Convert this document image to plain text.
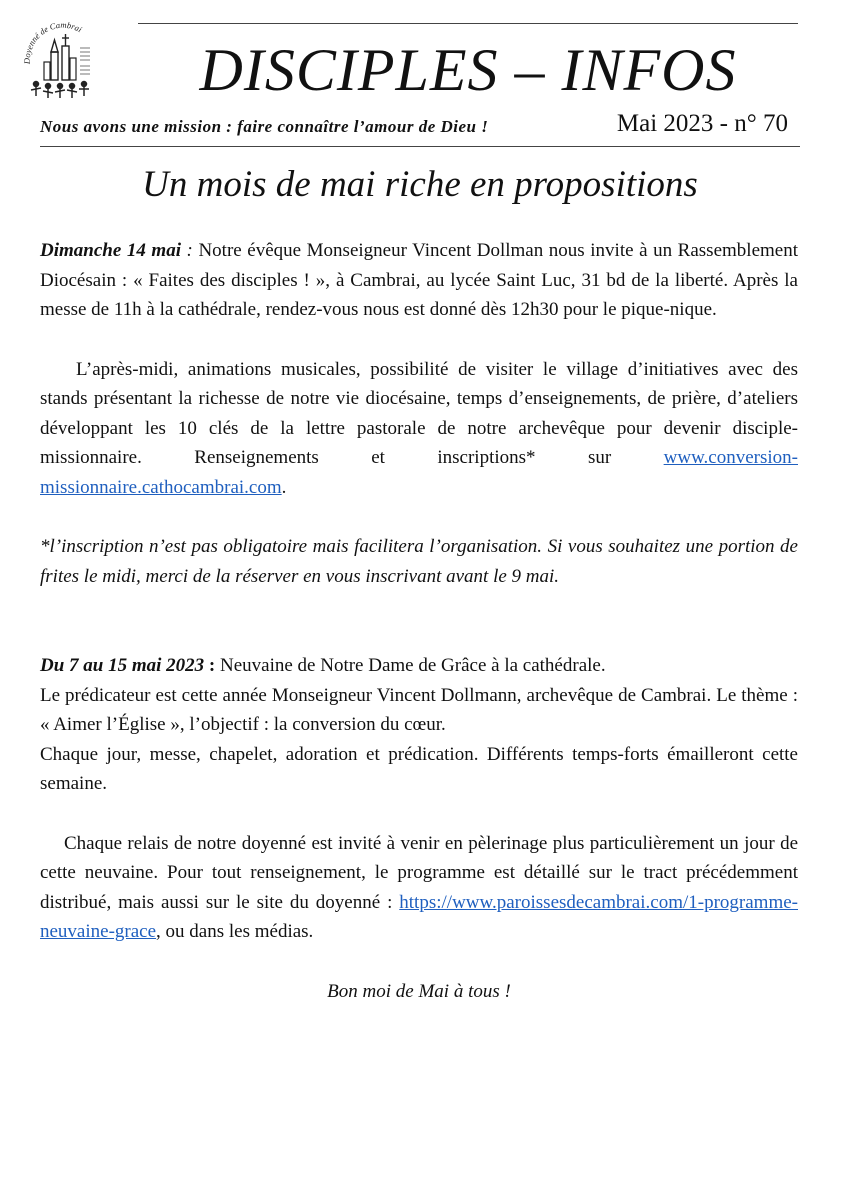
Doyenné de Cambrai
DISCIPLES – INFOS
Nous avons une mission : faire connaître l’amour de Dieu !	Mai 2023 - n° 70
Un mois de mai riche en propositions

Dimanche 14 mai : Notre évêque Monseigneur Vincent Dollman nous invite à un Rassemblement Diocésain : « Faites des disciples ! », à Cambrai, au lycée Saint Luc, 31 bd de la liberté. Après la messe de 11h à la cathédrale, rendez-vous nous est donné dès 12h30 pour le pique-nique.

L’après-midi, animations musicales, possibilité de visiter le village d’initiatives avec des stands présentant la richesse de notre vie diocésaine, temps d’enseignements, de prière, d’ateliers développant les 10 clés de la lettre pastorale de notre archevêque pour devenir disciple-missionnaire. Renseignements et inscriptions* sur www.conversion-missionnaire.cathocambrai.com.

*l’inscription n’est pas obligatoire mais facilitera l’organisation. Si vous souhaitez une portion de frites le midi, merci de la réserver en vous inscrivant avant le 9 mai.

Du 7 au 15 mai 2023 : Neuvaine de Notre Dame de Grâce à la cathédrale.

Le prédicateur est cette année Monseigneur Vincent Dollmann, archevêque de Cambrai. Le thème : « Aimer l’Église », l’objectif : la conversion du cœur.

Chaque jour, messe, chapelet, adoration et prédication. Différents temps-forts émailleront cette semaine.

Chaque relais de notre doyenné est invité à venir en pèlerinage plus particulièrement un jour de cette neuvaine. Pour tout renseignement, le programme est détaillé sur le tract précédemment distribué, mais aussi sur le site du doyenné : https://www.paroissesdecambrai.com/1-programme-neuvaine-grace, ou dans les médias.

Bon moi de Mai à tous !
